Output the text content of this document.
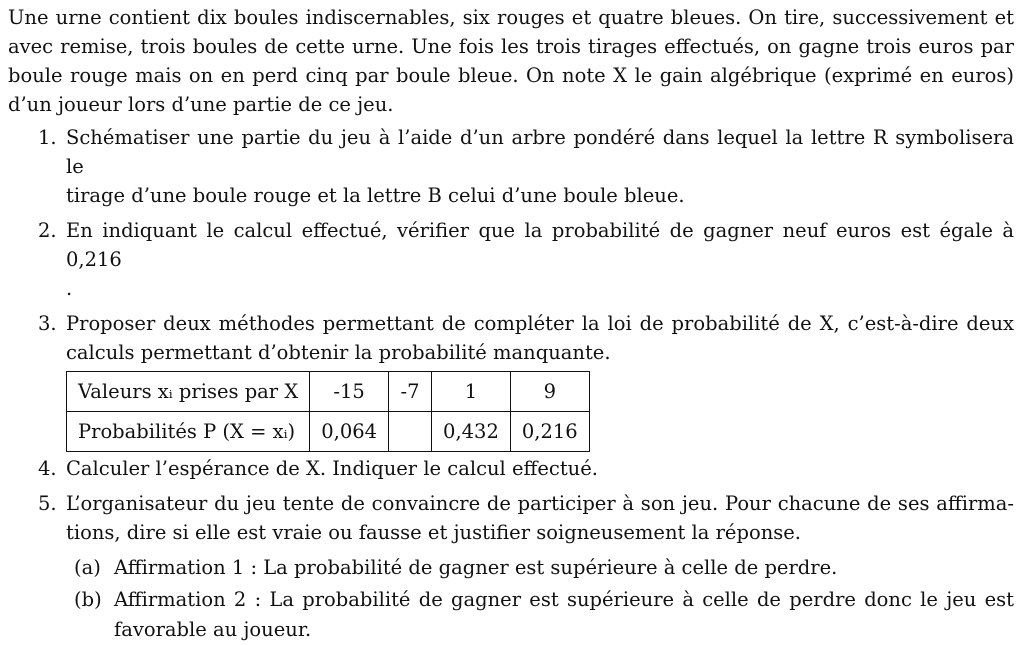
Une urne contient dix boules indiscernables, six rouges et quatre bleues. On tire, successivement et
avec remise, trois boules de cette urne. Une fois les trois tirages effectués, on gagne trois euros par
boule rouge mais on en perd cinq par boule bleue. On note X le gain algébrique (exprimé en euros)
d’un joueur lors d’une partie de ce jeu.

1. Schématiser une partie du jeu à l’aide d’un arbre pondéré dans lequel la lettre R symbolisera le
tirage d’une boule rouge et la lettre B celui d’une boule bleue.
2. En indiquant le calcul effectué, vérifier que la probabilité de gagner neuf euros est égale à 0,216
.
3. Proposer deux méthodes permettant de compléter la loi de probabilité de X, c’est-à-dire deux
calculs permettant d’obtenir la probabilité manquante.
Valeurs xᵢ prises par X	-15	-7	1	9
Probabilités P (X = xᵢ)	0,064		0,432	0,216
4. Calculer l’espérance de X. Indiquer le calcul effectué.
5. L’organisateur du jeu tente de convaincre de participer à son jeu. Pour chacune de ses affirma-
tions, dire si elle est vraie ou fausse et justifier soigneusement la réponse.
(a) Affirmation 1 : La probabilité de gagner est supérieure à celle de perdre.
(b) Affirmation 2 : La probabilité de gagner est supérieure à celle de perdre donc le jeu est
favorable au joueur.
